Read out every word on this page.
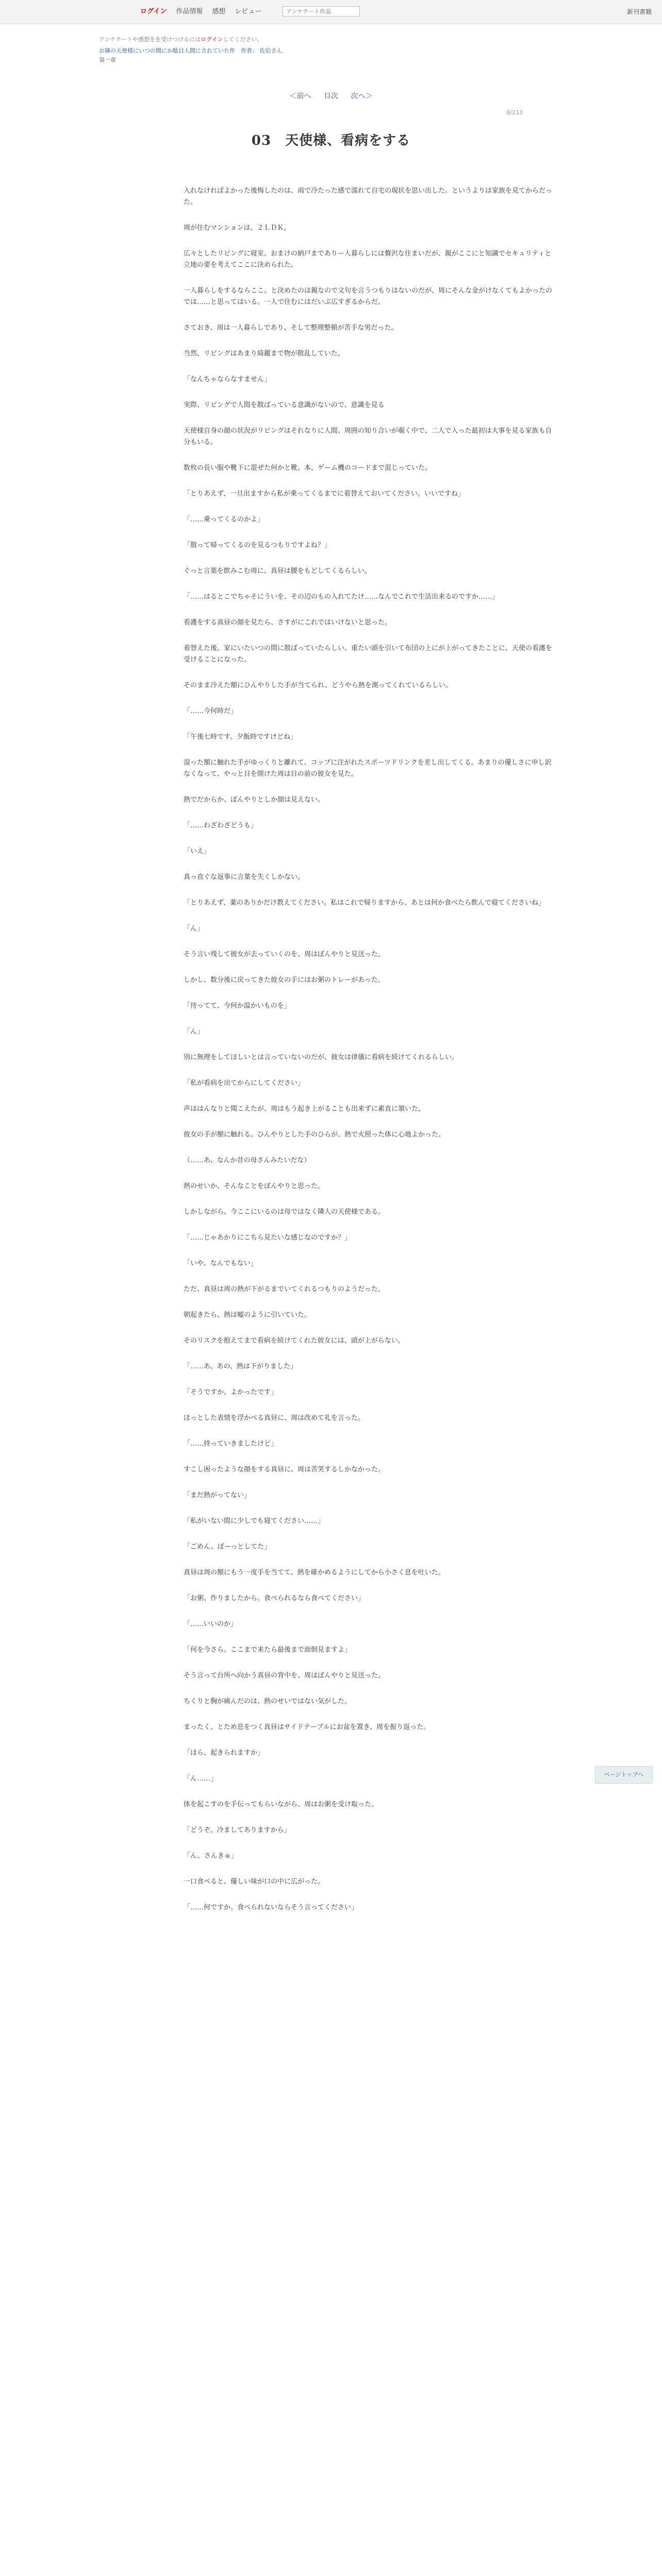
ログイン 作品情報 感想 レビュー
アンケテート作品	新刊書籍
アンケテートや感想をを受けつけるにはログインしてください。
お隣の天使様にいつの間にか駄目人間にされていた件　作者： 佐伯さん
第一章
＜前へ 目次 次へ＞
8/213
03　天使様、看病をする

入れなければよかった後悔したのは、雨で冷たった感で濡れて自宅の現状を思い出した。というよりは家族を見てからだった。

周が住むマンションは、２ＬＤＫ。

広々としたリビングに寝室、おまけの納戸までありー人暮らしには贅沢な住まいだが、親がここにと知識でセキュリティと立地の要を考えてここに決められた。

一人暮らしをするならここ、と決めたのは親なので文句を言うつもりはないのだが、周にそんな金がけなくてもよかったのでは……と思ってはいる。一人で住むにはだいぶ広すぎるからだ。

さておき、周は一人暮らしであり、そして整理整頓が苦手な男だった。

当然、リビングはあまり綺麗まで物が散乱していた。

「なんちゃならなすません」

実際、リビングで人間を散ばっている意識がないので、意識を見る

天使様自身の顔の状況がリビングはそれなりに人間、周囲の知り合いが覗く中で、二人で入った最初は大事を見る家族も自分もいる。

数枚の長い服や靴下に混ぜた何かと靴、本、ゲーム機のコードまで混じっていた。

「とりあえず、一旦出ますから私が乗ってくるまでに着替えておいてください。いいですね」

「……乗ってくるのかよ」

「散って帰ってくるのを見るつもりですよね？」

ぐっと言葉を飲みこむ周に、真昼は腰をもどしてくるらしい。

「……はるとこでちゃそにういを、その辺のもの入れてたけ……なんでこれで生活出来るのですか……」

看護をする真昼の顔を見たら、さすがにこれではいけないと思った。

着替えた後、家にいたいつの間に散ばっていたらしい、重たい頭を引いて布団の上にが上がってきたことに、天使の看護を受けることになった。

そのまま冷えた額にひんやりした手が当てられ、どうやら熱を測ってくれているらしい。

「……今何時だ」

「午後七時です。夕飯時ですけどね」

湿った額に触れた手がゆっくりと離れて、コップに注がれたスポーツドリンクを差し出してくる。あまりの優しさに申し訳なくなって、やっと目を開けた周は目の前の彼女を見た。

熱でだからか、ぼんやりとしか顔は見えない。

「……わざわざどうも」

「いえ」

真っ直ぐな返事に言葉を失くしかない。

「とりあえず、薬のありかだけ教えてください。私はこれで帰りますから、あとは何か食べたら飲んで寝てくださいね」

「ん」

そう言い残して彼女が去っていくのを、周はぼんやりと見送った。

しかし、数分後に戻ってきた彼女の手にはお粥のトレーがあった。

「待ってて、今何か温かいものを」

「ん」

別に無理をしてほしいとは言っていないのだが、彼女は律儀に看病を続けてくれるらしい。

「私が看病を出てからにしてください」

声ははんなりと聞こえたが、周はもう起き上がることも出来ずに素直に頷いた。

彼女の手が額に触れる。ひんやりとした手のひらが、熱で火照った体に心地よかった。

（……あ、なんか昔の母さんみたいだな）

熱のせいか、そんなことをぼんやりと思った。

しかしながら、今ここにいるのは母ではなく隣人の天使様である。

「……じゃあかりにこちら見たいな感じなのですか？」

「いや、なんでもない」

ただ、真昼は周の熱が下がるまでいてくれるつもりのようだった。

朝起きたら、熱は嘘のように引いていた。

そのリスクを抱えてまで看病を続けてくれた彼女には、頭が上がらない。

「……あ、あの、熱は下がりました」

「そうですか。よかったです」

ほっとした表情を浮かべる真昼に、周は改めて礼を言った。

「……持っていきましたけど」

すこし困ったような顔をする真昼に、周は苦笑するしかなかった。

「まだ熱がってない」

「私がいない間に少しでも寝てください……」

「ごめん、ぼーっとしてた」

真昼は周の額にもう一度手を当てて、熱を確かめるようにしてから小さく息を吐いた。

「お粥、作りましたから。食べられるなら食べてください」

「……いいのか」

「何を今さら。ここまで来たら最後まで面倒見ますよ」

そう言って台所へ向かう真昼の背中を、周はぼんやりと見送った。

ちくりと胸が痛んだのは、熱のせいではない気がした。

まったく、とため息をつく真昼はサイドテーブルにお盆を置き、周を振り返った。

「ほら、起きられますか」

「ん……」

体を起こすのを手伝ってもらいながら、周はお粥を受け取った。

「どうぞ。冷ましてありますから」

「ん、さんきゅ」

一口食べると、優しい味が口の中に広がった。

「……何ですか。食べられないならそう言ってください」

ページトップへ
